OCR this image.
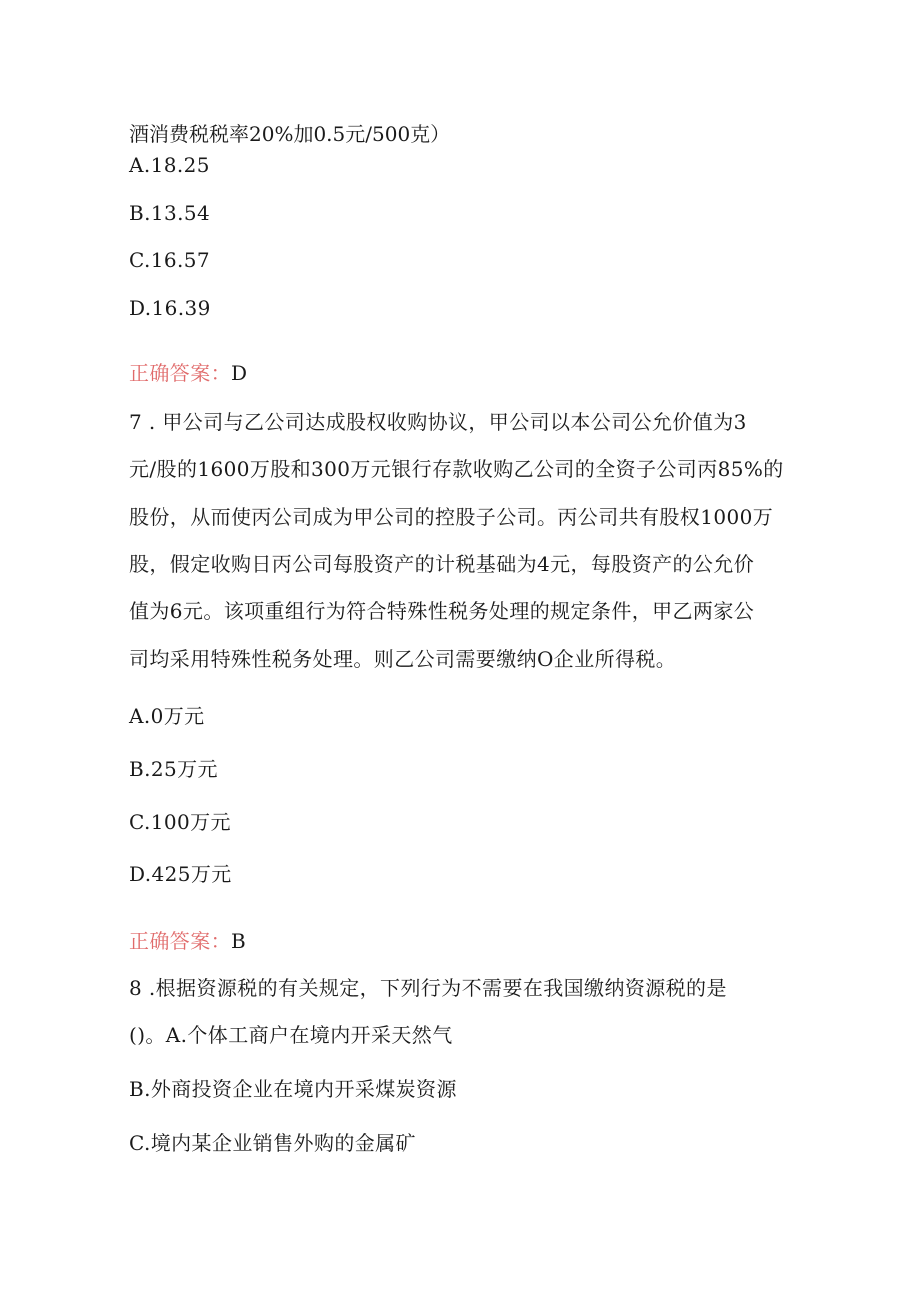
酒消费税税率20%加0.5元/500克）
A.18.25
B.13.54
C.16.57
D.16.39
正确答案：D
7 . 甲公司与乙公司达成股权收购协议，甲公司以本公司公允价值为3
元/股的1600万股和300万元银行存款收购乙公司的全资子公司丙85%的
股份，从而使丙公司成为甲公司的控股子公司。丙公司共有股权1000万
股，假定收购日丙公司每股资产的计税基础为4元，每股资产的公允价
值为6元。该项重组行为符合特殊性税务处理的规定条件，甲乙两家公
司均采用特殊性税务处理。则乙公司需要缴纳O企业所得税。
A.0万元
B.25万元
C.100万元
D.425万元
正确答案：B
8 .根据资源税的有关规定，下列行为不需要在我国缴纳资源税的是
()。A.个体工商户在境内开采天然气
B.外商投资企业在境内开采煤炭资源
C.境内某企业销售外购的金属矿
